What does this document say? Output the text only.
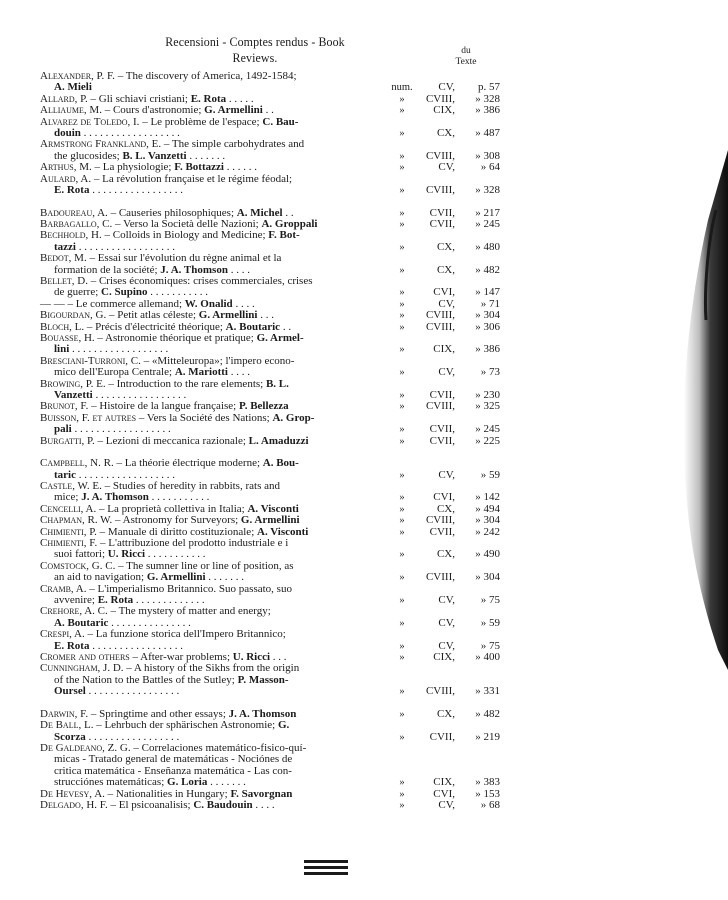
Recensioni - Comptes rendus - Book Reviews.	du
Texte
Alexander, P. F. – The discovery of America, 1492-1584;
A. Mieli	num.	CV,	p. 57
Allard, P. – Gli schiavi cristiani; E. Rota . . . . .	»	CVIII,	» 328
Alliaume, M. – Cours d'astronomie; G. Armellini . .	»	CIX,	» 386
Alvarez de Toledo, I. – Le problème de l'espace; C. Bau-
douin . . . . . . . . . . . . . . . . . .	»	CX,	» 487
Armstrong Frankland, E. – The simple carbohydrates and
the glucosides; B. L. Vanzetti . . . . . . .	»	CVIII,	» 308
Arthus, M. – La physiologie; F. Bottazzi . . . . . .	»	CV,	» 64
Aulard, A. – La révolution française et le régime féodal;
E. Rota . . . . . . . . . . . . . . . . .	»	CVIII,	» 328
Badoureau, A. – Causeries philosophiques; A. Michel . .	»	CVII,	» 217
Barbagallo, C. – Verso la Società delle Nazioni; A. Groppali	»	CVII,	» 245
Bechhold, H. – Colloids in Biology and Medicine; F. Bot-
tazzi . . . . . . . . . . . . . . . . . .	»	CX,	» 480
Bedot, M. – Essai sur l'évolution du règne animal et la
formation de la société; J. A. Thomson . . . .	»	CX,	» 482
Bellet, D. – Crises économiques: crises commerciales, crises
de guerre; C. Supino . . . . . . . . . . .	»	CVI,	» 147
— — – Le commerce allemand; W. Onalid . . . .	»	CV,	» 71
Bigourdan, G. – Petit atlas céleste; G. Armellini . . .	»	CVIII,	» 304
Bloch, L. – Précis d'électricité théorique; A. Boutaric . .	»	CVIII,	» 306
Bouasse, H. – Astronomie théorique et pratique; G. Armel-
lini . . . . . . . . . . . . . . . . . .	»	CIX,	» 386
Bresciani-Turroni, C. – «Mitteleuropa»; l'impero econo-
mico dell'Europa Centrale; A. Mariotti . . . .	»	CV,	» 73
Browing, P. E. – Introduction to the rare elements; B. L.
Vanzetti . . . . . . . . . . . . . . . . .	»	CVII,	» 230
Brunot, F. – Histoire de la langue française; P. Bellezza	»	CVIII,	» 325
Buisson, F. et autres – Vers la Société des Nations; A. Grop-
pali . . . . . . . . . . . . . . . . . .	»	CVII,	» 245
Burgatti, P. – Lezioni di meccanica razionale; L. Amaduzzi	»	CVII,	» 225
Campbell, N. R. – La théorie électrique moderne; A. Bou-
taric . . . . . . . . . . . . . . . . . .	»	CV,	» 59
Castle, W. E. – Studies of heredity in rabbits, rats and
mice; J. A. Thomson . . . . . . . . . . .	»	CVI,	» 142
Cencelli, A. – La proprietà collettiva in Italia; A. Visconti	»	CX,	» 494
Chapman, R. W. – Astronomy for Surveyors; G. Armellini	»	CVIII,	» 304
Chimienti, P. – Manuale di diritto costituzionale; A. Visconti	»	CVII,	» 242
Chimienti, F. – L'attribuzione del prodotto industriale e i
suoi fattori; U. Ricci . . . . . . . . . . .	»	CX,	» 490
Comstock, G. C. – The sumner line or line of position, as
an aid to navigation; G. Armellini . . . . . . .	»	CVIII,	» 304
Cramb, A. – L'imperialismo Britannico. Suo passato, suo
avvenire; E. Rota . . . . . . . . . . . . .	»	CV,	» 75
Crehore, A. C. – The mystery of matter and energy;
A. Boutaric . . . . . . . . . . . . . . .	»	CV,	» 59
Crespi, A. – La funzione storica dell'Impero Britannico;
E. Rota . . . . . . . . . . . . . . . . .	»	CV,	» 75
Cromer and others – After-war problems; U. Ricci . . .	»	CIX,	» 400
Cunningham, J. D. – A history of the Sikhs from the origin
of the Nation to the Battles of the Sutley; P. Masson-
Oursel . . . . . . . . . . . . . . . . .	»	CVIII,	» 331
Darwin, F. – Springtime and other essays; J. A. Thomson	»	CX,	» 482
De Ball, L. – Lehrbuch der sphärischen Astronomie; G.
Scorza . . . . . . . . . . . . . . . . .	»	CVII,	» 219
De Galdeano, Z. G. – Correlaciones matemático-fisico-quí-
micas - Tratado general de matemáticas - Nociónes de
critica matemática - Enseñanza matemática - Las con-
strucciónes matemáticas; G. Loria . . . . . . .	»	CIX,	» 383
De Hevesy, A. – Nationalities in Hungary; F. Savorgnan	»	CVI,	» 153
Delgado, H. F. – El psicoanalisis; C. Baudouin . . . .	»	CV,	» 68
